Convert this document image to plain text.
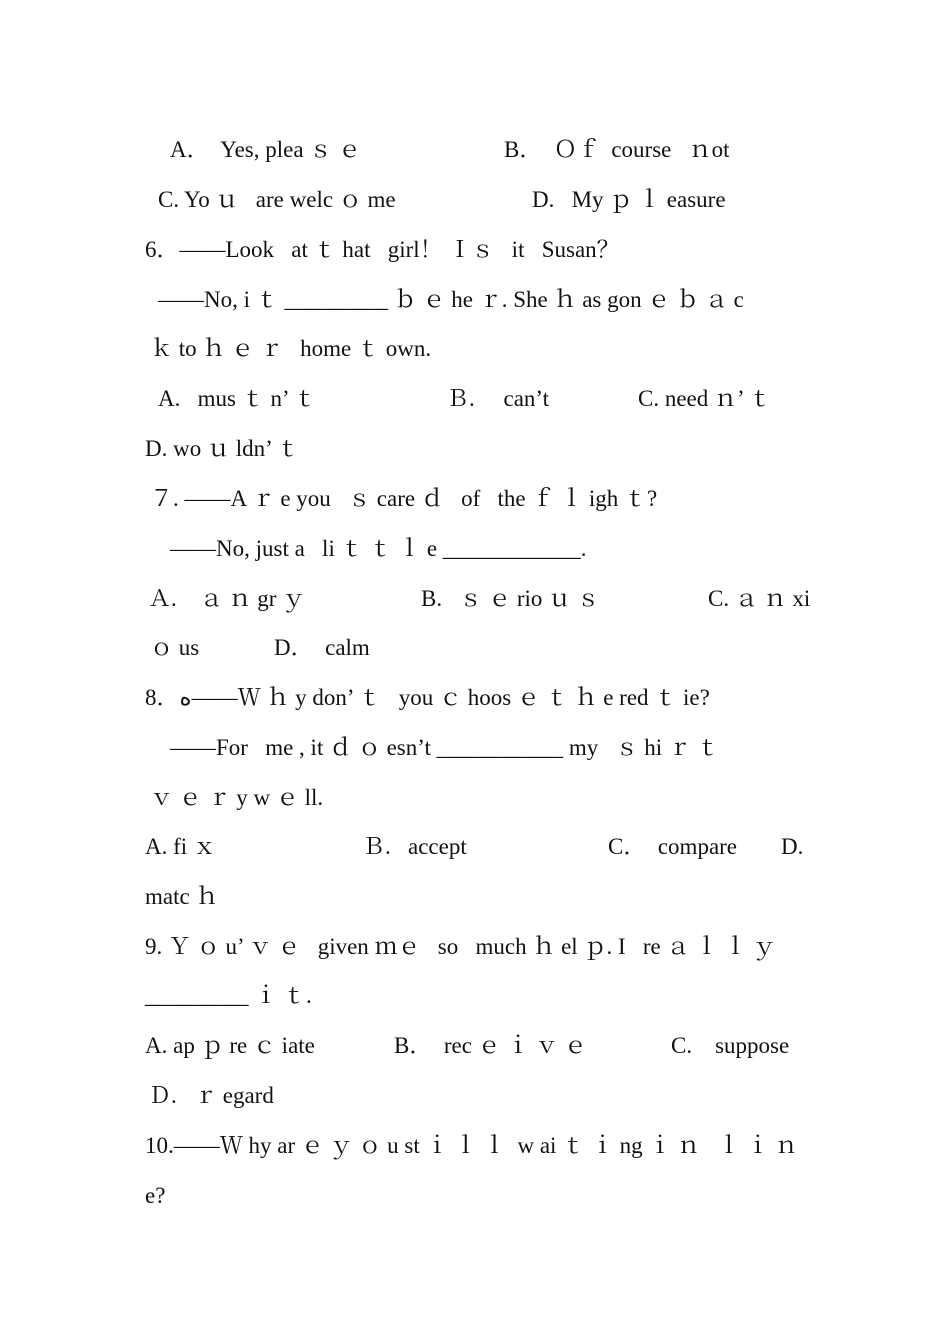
A．  Yes, plea ｓ ｅ	B．  Ｏｆ  course   ｎot
C. Yo ｕ   are welc ｏ me	D.   My ｐ ｌ easure
6．――Look   at ｔ hat   girl！ Ｉｓ   it   Susan？
――No, i ｔ _________ ｂ ｅ he ｒ. She ｈ as gon ｅ ｂ ａ c
ｋ to ｈ ｅ ｒ   home ｔ own.
A.   mus ｔ n’ ｔ	Ｂ.     can’t	C. need ｎ’ ｔ
D. wo ｕ ldn’ ｔ
７. ――A ｒ e you   ｓ care ｄ   of   the ｆ ｌ igh ｔ?
――No, just a   li ｔ ｔ ｌ e ____________.
Ａ.    ａ ｎ gr ｙ	B.   ｓ ｅ rio ｕ ｓ	C. ａ ｎ xi
ｏ us	D．  calm
8．ﻩ――Ｗ ｈ y don’ ｔ   you ｃ hoos ｅ ｔ ｈ e red ｔ ie?
――For   me , it ｄ ｏ esn’t ___________ my   ｓ hi ｒ ｔ
ｖ ｅ ｒ y w ｅ ll.
A. fi ｘ	Ｂ.   accept	C．  compare D.
matc ｈ
9. Ｙ ｏ u’ ｖ ｅ   given ｍｅ   so   much ｈ el ｐ. I   re ａ ｌ ｌ ｙ
_________ ｉ ｔ.
A. ap ｐ re ｃ iate	B．  rec ｅ ｉ ｖ ｅ	C.    suppose
Ｄ.   ｒ egard
10.――Ｗ hy ar ｅ ｙ ｏ u st ｉ ｌ ｌ  w ai ｔ ｉ ng ｉ ｎ   ｌ ｉ ｎ
e?
